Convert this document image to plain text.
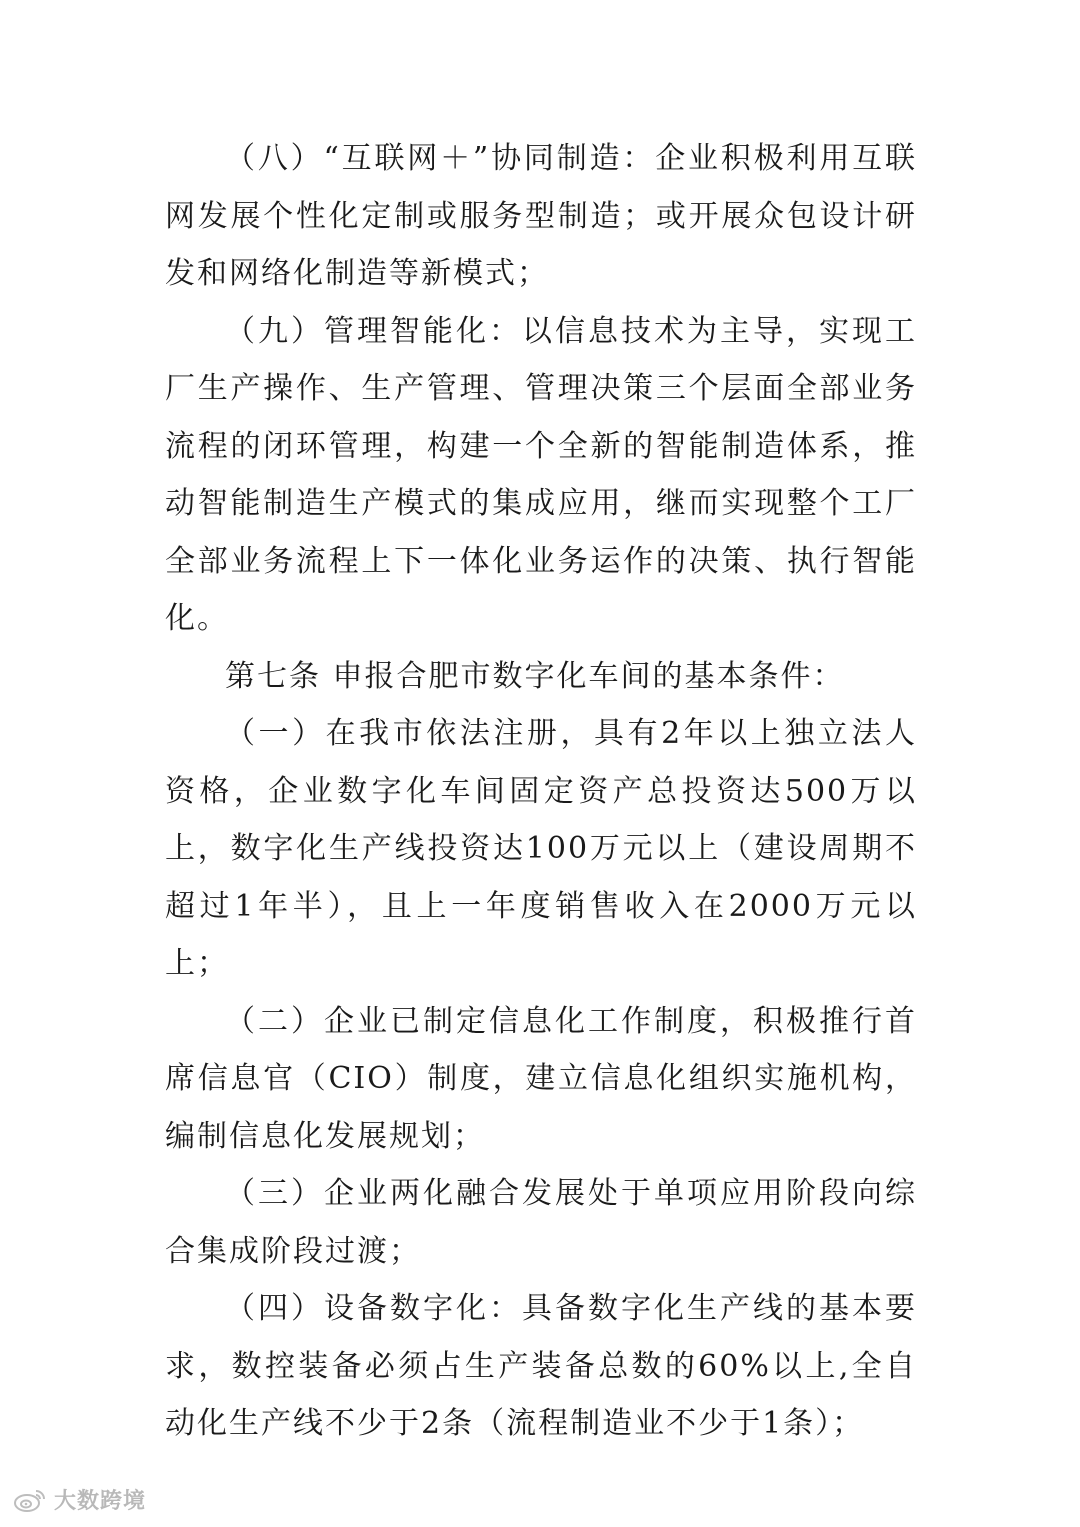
（八）“互联网＋”协同制造：企业积极利用互联网发展个性化定制或服务型制造；或开展众包设计研发和网络化制造等新模式；

（九）管理智能化：以信息技术为主导，实现工厂生产操作、生产管理、管理决策三个层面全部业务流程的闭环管理，构建一个全新的智能制造体系，推动智能制造生产模式的集成应用，继而实现整个工厂全部业务流程上下一体化业务运作的决策、执行智能化。

第七条 申报合肥市数字化车间的基本条件：

（一）在我市依法注册，具有2年以上独立法人资格，企业数字化车间固定资产总投资达500万以上，数字化生产线投资达100万元以上（建设周期不超过1年半），且上一年度销售收入在2000万元以上；

（二）企业已制定信息化工作制度，积极推行首席信息官（CIO）制度，建立信息化组织实施机构，编制信息化发展规划；

（三）企业两化融合发展处于单项应用阶段向综合集成阶段过渡；

（四）设备数字化：具备数字化生产线的基本要求，数控装备必须占生产装备总数的60%以上,全自动化生产线不少于2条（流程制造业不少于1条）；

大数跨境
